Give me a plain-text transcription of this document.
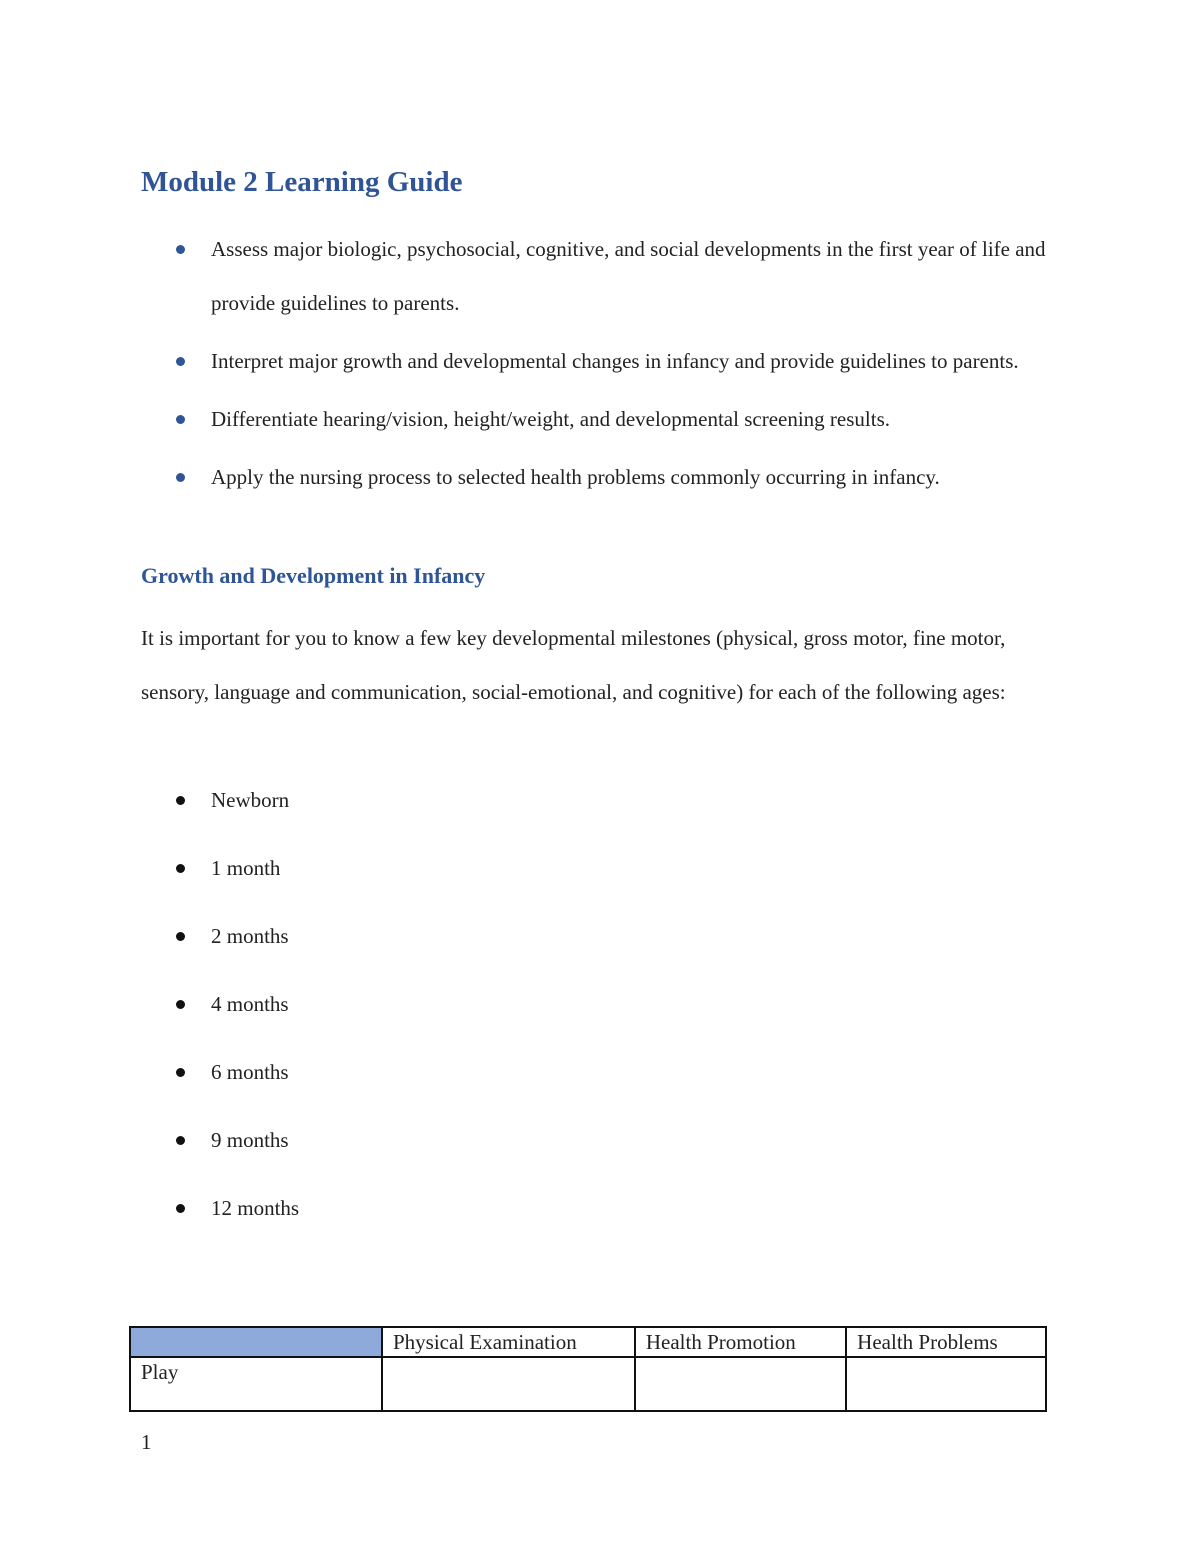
Module 2 Learning Guide
Assess major biologic, psychosocial, cognitive, and social developments in the first year of life and provide guidelines to parents.
Interpret major growth and developmental changes in infancy and provide guidelines to parents.
Differentiate hearing/vision, height/weight, and developmental screening results.
Apply the nursing process to selected health problems commonly occurring in infancy.
Growth and Development in Infancy

It is important for you to know a few key developmental milestones (physical, gross motor, fine motor, sensory, language and communication, social-emotional, and cognitive) for each of the following ages:

Newborn
1 month
2 months
4 months
6 months
9 months
12 months
	Physical Examination	Health Promotion	Health Problems
Play			

1
